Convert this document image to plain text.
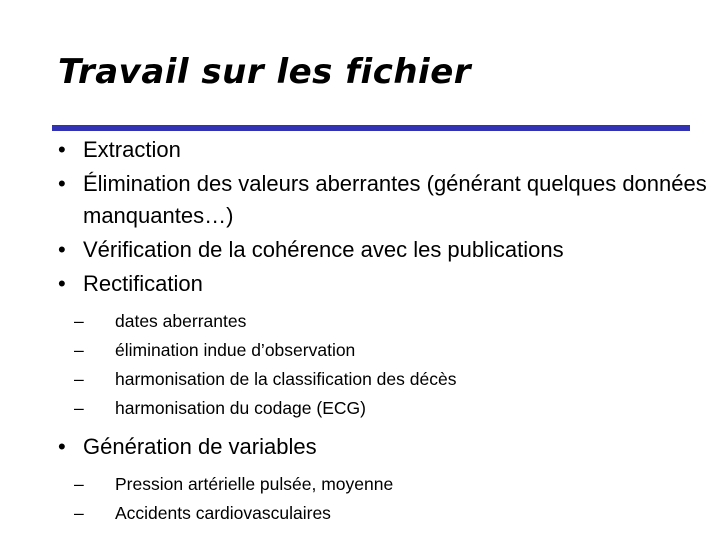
Travail sur les fichier
• Extraction
• Élimination des valeurs aberrantes (générant quelques données manquantes…)
• Vérification de la cohérence avec les publications
• Rectification
– dates aberrantes
– élimination indue d’observation
– harmonisation de la classification des décès
– harmonisation du codage (ECG)
• Génération de variables
– Pression artérielle pulsée, moyenne
– Accidents cardiovasculaires
